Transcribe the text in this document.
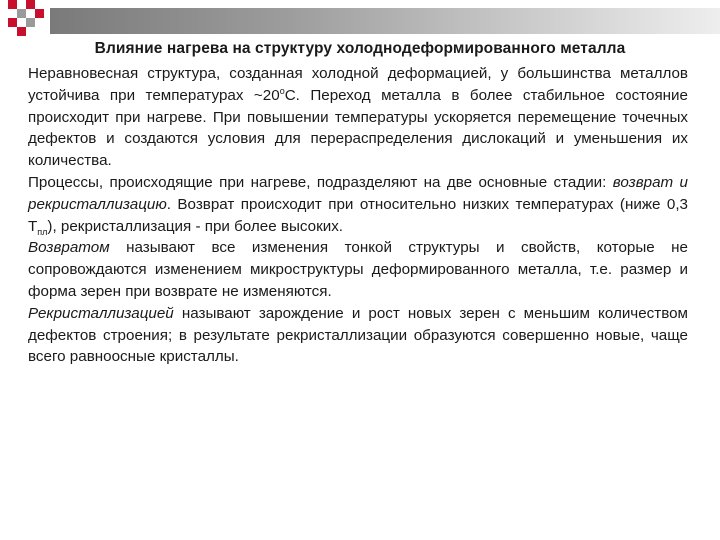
Влияние нагрева на структуру холоднодеформированного металла

Неравновесная структура, созданная холодной деформацией, у большинства металлов устойчива при температурах $\sim 20^оС$. Переход металла в более стабильное состояние происходит при нагреве. При повышении температуры ускоряется перемещение точечных дефектов и создаются условия для перераспределения дислокаций и уменьшения их количества.

Процессы, происходящие при нагреве, подразделяют на две основные стадии: возврат и рекристаллизацию. Возврат происходит при относительно низких температурах (ниже 0,3 $Т_{пл}$), рекристаллизация - при более высоких.

Возвратом называют все изменения тонкой структуры и свойств, которые не сопровождаются изменением микроструктуры деформированного металла, т.е. размер и форма зерен при возврате не изменяются.

Рекристаллизацией называют зарождение и рост новых зерен с меньшим количеством дефектов строения; в результате рекристаллизации образуются совершенно новые, чаще всего равноосные кристаллы.
